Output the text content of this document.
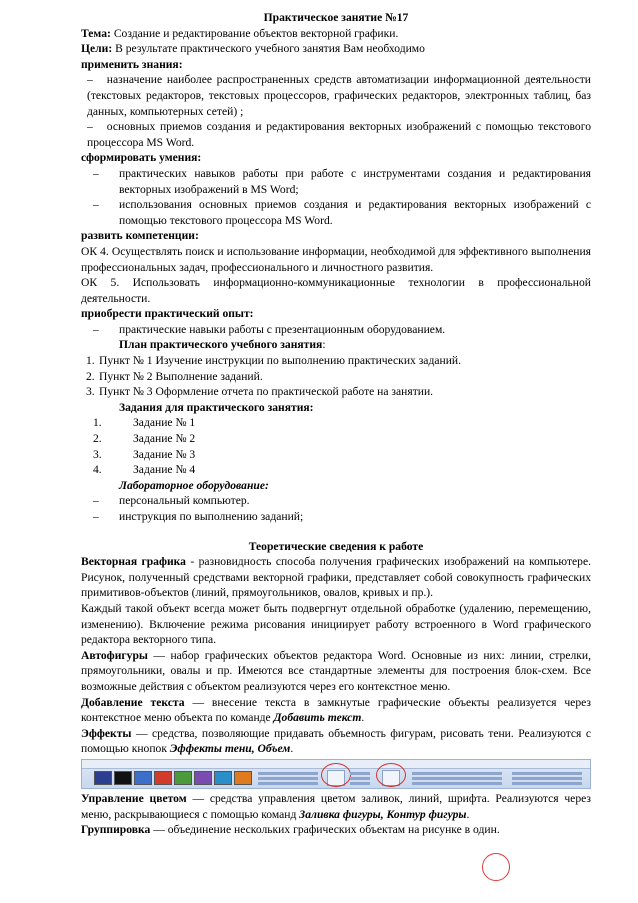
Практическое занятие №17

Тема: Создание и редактирование объектов векторной графики.

Цели: В результате практического учебного занятия Вам необходимо

применить знания:

– назначение наиболее распространенных средств автоматизации информационной деятельности (текстовых редакторов, текстовых процессоров, графических редакторов, электронных таблиц, баз данных, компьютерных сетей) ;
– основных приемов создания и редактирования векторных изображений с помощью текстового процессора MS Word.

сформировать умения:

– практических навыков работы при работе с инструментами создания и редактирования векторных изображений в MS Word;
– использования основных приемов создания и редактирования векторных изображений с помощью текстового процессора MS Word.

развить компетенции:

ОК 4. Осуществлять поиск и использование информации, необходимой для эффективного выполнения профессиональных задач, профессионального и личностного развития.

ОК 5. Использовать информационно-коммуникационные технологии в профессиональной деятельности.

приобрести практический опыт:

– практические навыки работы с презентационным оборудованием.

План практического учебного занятия:

1. Пункт № 1 Изучение инструкции по выполнению практических заданий.
2. Пункт № 2 Выполнение заданий.
3. Пункт № 3 Оформление отчета по практической работе на занятии.

Задания для практического занятия:

1.	Задание № 1
2.	Задание № 2
3.	Задание № 3
4.	Задание № 4

Лабораторное оборудование:

– персональный компьютер.
– инструкция по выполнению заданий;

Теоретические сведения к работе

Векторная графика - разновидность способа получения графических изображений на компьютере. Рисунок, полученный средствами векторной графики, представляет собой совокупность графических примитивов-объектов (линий, прямоугольников, овалов, кривых и пр.).

Каждый такой объект всегда может быть подвергнут отдельной обработке (удалению, перемещению, изменению). Включение режима рисования инициирует работу встроенного в Word графического редактора векторного типа.

Автофигуры — набор графических объектов редактора Word. Основные из них: линии, стрелки, прямоугольники, овалы и пр. Имеются все стандартные элементы для построения блок-схем. Все возможные действия с объектом реализуются через его контекстное меню.

Добавление текста — внесение текста в замкнутые графические объекты реализуется через контекстное меню объекта по команде Добавить текст.

Эффекты — средства, позволяющие придавать объемность фигурам, рисовать тени. Реализуются с помощью кнопок Эффекты тени, Объем.

Управление цветом — средства управления цветом заливок, линий, шрифта. Реализуются через меню, раскрывающиеся с помощью команд Заливка фигуры, Контур фигуры.

Группировка — объединение нескольких графических объектам на рисунке в один.
